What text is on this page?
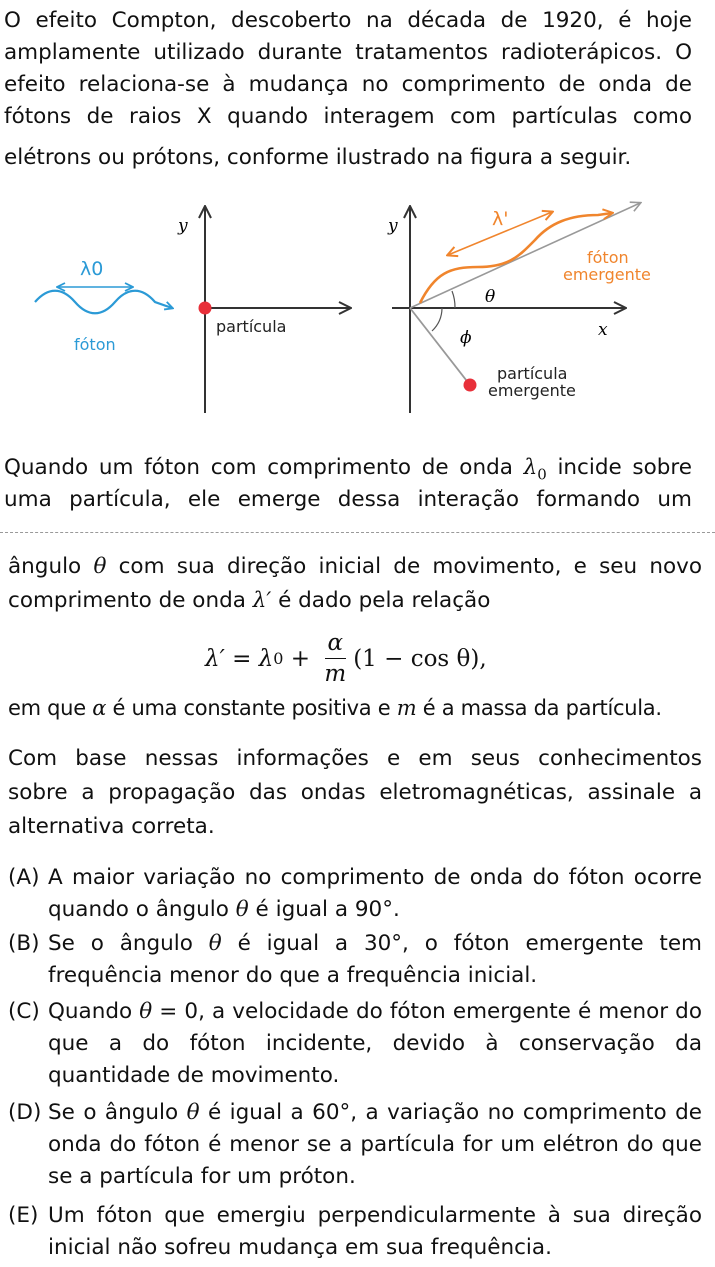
O efeito Compton, descoberto na década de 1920, é hoje

amplamente utilizado durante tratamentos radioterápicos. O

efeito relaciona-se à mudança no comprimento de onda de

fótons de raios X quando interagem com partículas como

elétrons ou prótons, conforme ilustrado na figura a seguir.

y
λ0
fóton
partícula
y
x
λ'
fóton
emergente
θ
ϕ
partícula
emergente

Quando um fóton com comprimento de onda $\lambda_0$ incide sobre

uma partícula, ele emerge dessa interação formando um

ângulo θ com sua direção inicial de movimento, e seu novo

comprimento de onda λ′ é dado pela relação

λ′ = λ $0 + \frac{\alpha}{m} (1 - \cos \theta)$,

em que α é uma constante positiva e m é a massa da partícula.

Com base nessas informações e em seus conhecimentos

sobre a propagação das ondas eletromagnéticas, assinale a

alternativa correta.

(A) A maior variação no comprimento de onda do fóton ocorre quando o ângulo θ é igual a 90°.
(B) Se o ângulo θ é igual a 30°, o fóton emergente tem frequência menor do que a frequência inicial.
(C) Quando θ = 0, a velocidade do fóton emergente é menor do que a do fóton incidente, devido à conservação da quantidade de movimento.
(D) Se o ângulo θ é igual a 60°, a variação no comprimento de onda do fóton é menor se a partícula for um elétron do que se a partícula for um próton.
(E) Um fóton que emergiu perpendicularmente à sua direção inicial não sofreu mudança em sua frequência.
